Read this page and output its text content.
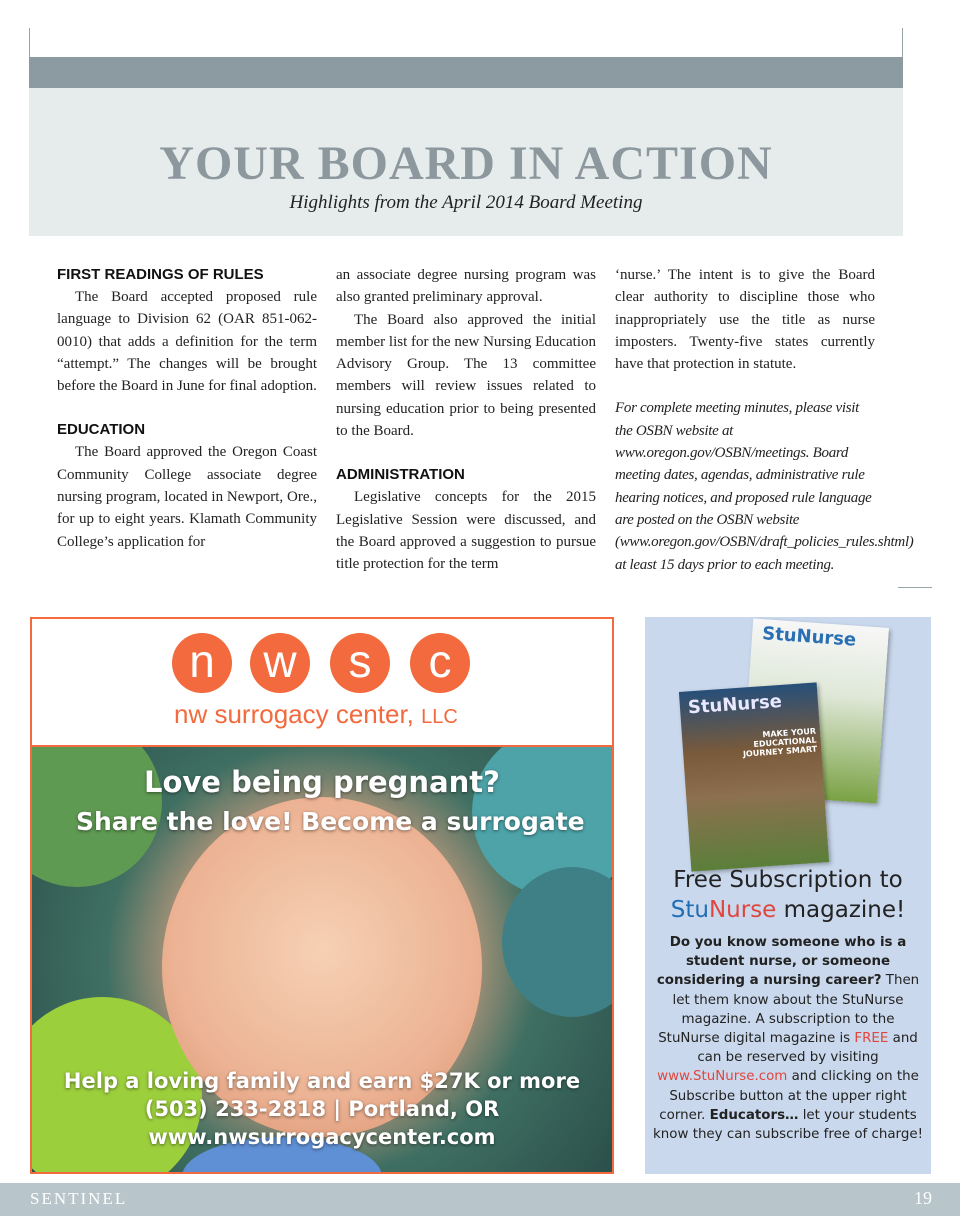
YOUR BOARD IN ACTION
Highlights from the April 2014 Board Meeting
FIRST READINGS OF RULES

The Board accepted proposed rule language to Division 62 (OAR 851-062-0010) that adds a definition for the term “attempt.” The changes will be brought before the Board in June for final adoption.

EDUCATION

The Board approved the Oregon Coast Community College associate degree nursing program, located in Newport, Ore., for up to eight years. Klamath Community College’s application for

an associate degree nursing program was also granted preliminary approval.

The Board also approved the initial member list for the new Nursing Education Advisory Group. The 13 committee members will review issues related to nursing education prior to being presented to the Board.

ADMINISTRATION

Legislative concepts for the 2015 Legislative Session were discussed, and the Board approved a suggestion to pursue title protection for the term

‘nurse.’ The intent is to give the Board clear authority to discipline those who inappropriately use the title as nurse imposters. Twenty-five states currently have that protection in statute.

For complete meeting minutes, please visit the OSBN website at www.oregon.gov/OSBN/meetings. Board meeting dates, agendas, administrative rule hearing notices, and proposed rule language are posted on the OSBN website (www.oregon.gov/OSBN/draft_policies_rules.shtml) at least 15 days prior to each meeting.

n	w	s	c
nw surrogacy center, LLC
Love being pregnant?
Share the love! Become a surrogate
Help a loving family and earn $27K or more
(503) 233-2818 | Portland, OR
www.nwsurrogacycenter.com
StuNurse
StuNurse
MAKE YOUR EDUCATIONAL JOURNEY SMART
Free Subscription to
StuNurse magazine!
Do you know someone who is a student nurse, or someone considering a nursing career? Then let them know about the StuNurse magazine. A subscription to the StuNurse digital magazine is FREE and can be reserved by visiting www.StuNurse.com and clicking on the Subscribe button at the upper right corner. Educators… let your students know they can subscribe free of charge!
SENTINEL	19
